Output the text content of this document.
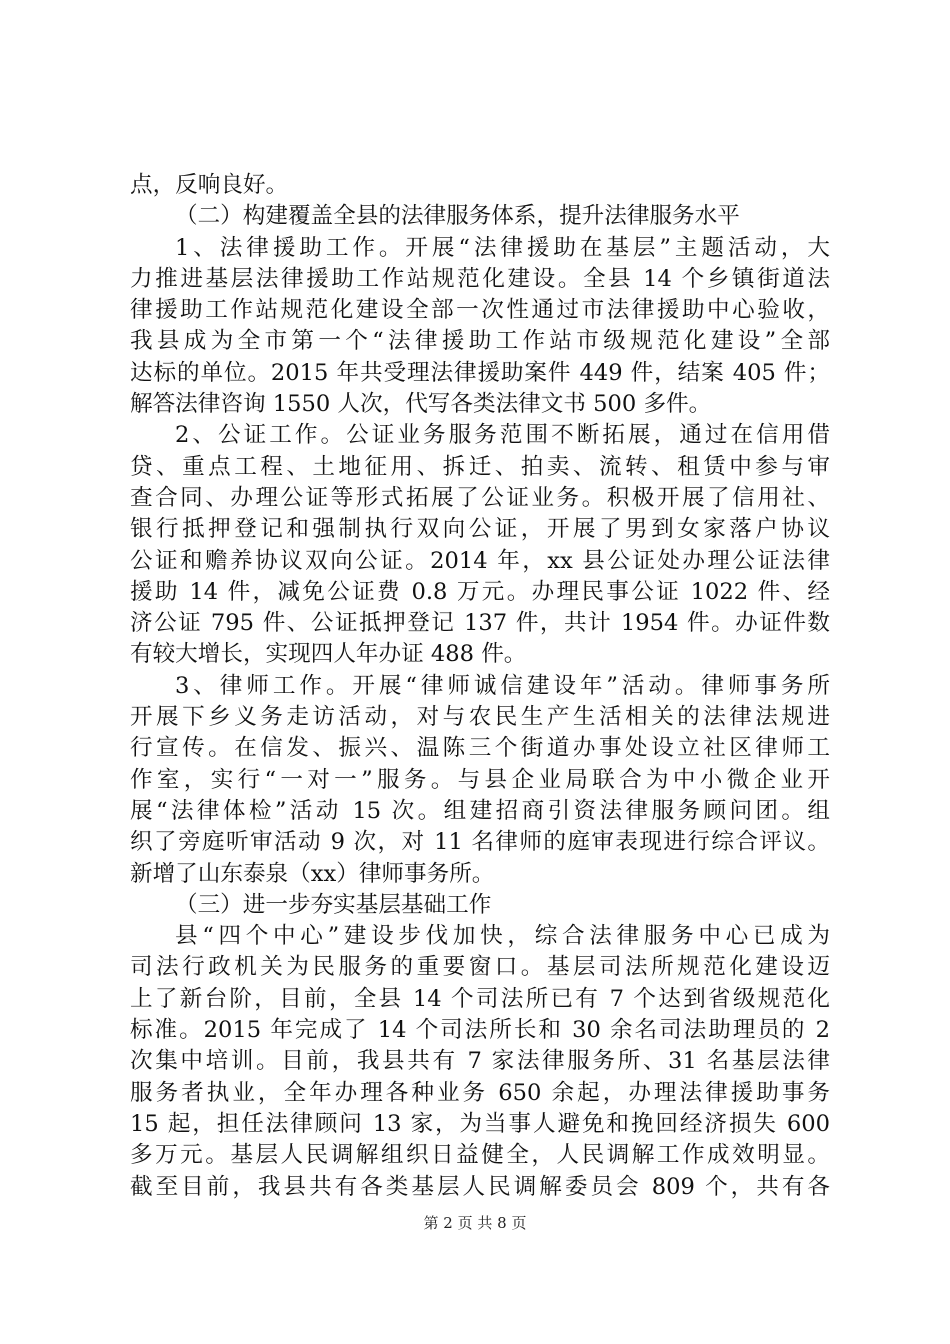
点，反响良好。
（二）构建覆盖全县的法律服务体系，提升法律服务水平
1、法律援助工作。开展“法律援助在基层”主题活动，大
力推进基层法律援助工作站规范化建设。全县 14 个乡镇街道法
律援助工作站规范化建设全部一次性通过市法律援助中心验收，
我县成为全市第一个“法律援助工作站市级规范化建设”全部
达标的单位。2015 年共受理法律援助案件 449 件，结案 405 件；
解答法律咨询 1550 人次，代写各类法律文书 500 多件。
2、公证工作。公证业务服务范围不断拓展，通过在信用借
贷、重点工程、土地征用、拆迁、拍卖、流转、租赁中参与审
查合同、办理公证等形式拓展了公证业务。积极开展了信用社、
银行抵押登记和强制执行双向公证，开展了男到女家落户协议
公证和赡养协议双向公证。2014 年，xx 县公证处办理公证法律
援助 14 件，减免公证费 0.8 万元。办理民事公证 1022 件、经
济公证 795 件、公证抵押登记 137 件，共计 1954 件。办证件数
有较大增长，实现四人年办证 488 件。
3、律师工作。开展“律师诚信建设年”活动。律师事务所
开展下乡义务走访活动，对与农民生产生活相关的法律法规进
行宣传。在信发、振兴、温陈三个街道办事处设立社区律师工
作室，实行“一对一”服务。与县企业局联合为中小微企业开
展“法律体检”活动 15 次。组建招商引资法律服务顾问团。组
织了旁庭听审活动 9 次，对 11 名律师的庭审表现进行综合评议。
新增了山东泰泉（xx）律师事务所。
（三）进一步夯实基层基础工作
县“四个中心”建设步伐加快，综合法律服务中心已成为
司法行政机关为民服务的重要窗口。基层司法所规范化建设迈
上了新台阶，目前，全县 14 个司法所已有 7 个达到省级规范化
标准。2015 年完成了 14 个司法所长和 30 余名司法助理员的 2
次集中培训。目前，我县共有 7 家法律服务所、31 名基层法律
服务者执业，全年办理各种业务 650 余起，办理法律援助事务
15 起，担任法律顾问 13 家，为当事人避免和挽回经济损失 600
多万元。基层人民调解组织日益健全，人民调解工作成效明显。
截至目前，我县共有各类基层人民调解委员会 809 个，共有各
第 2 页 共 8 页
